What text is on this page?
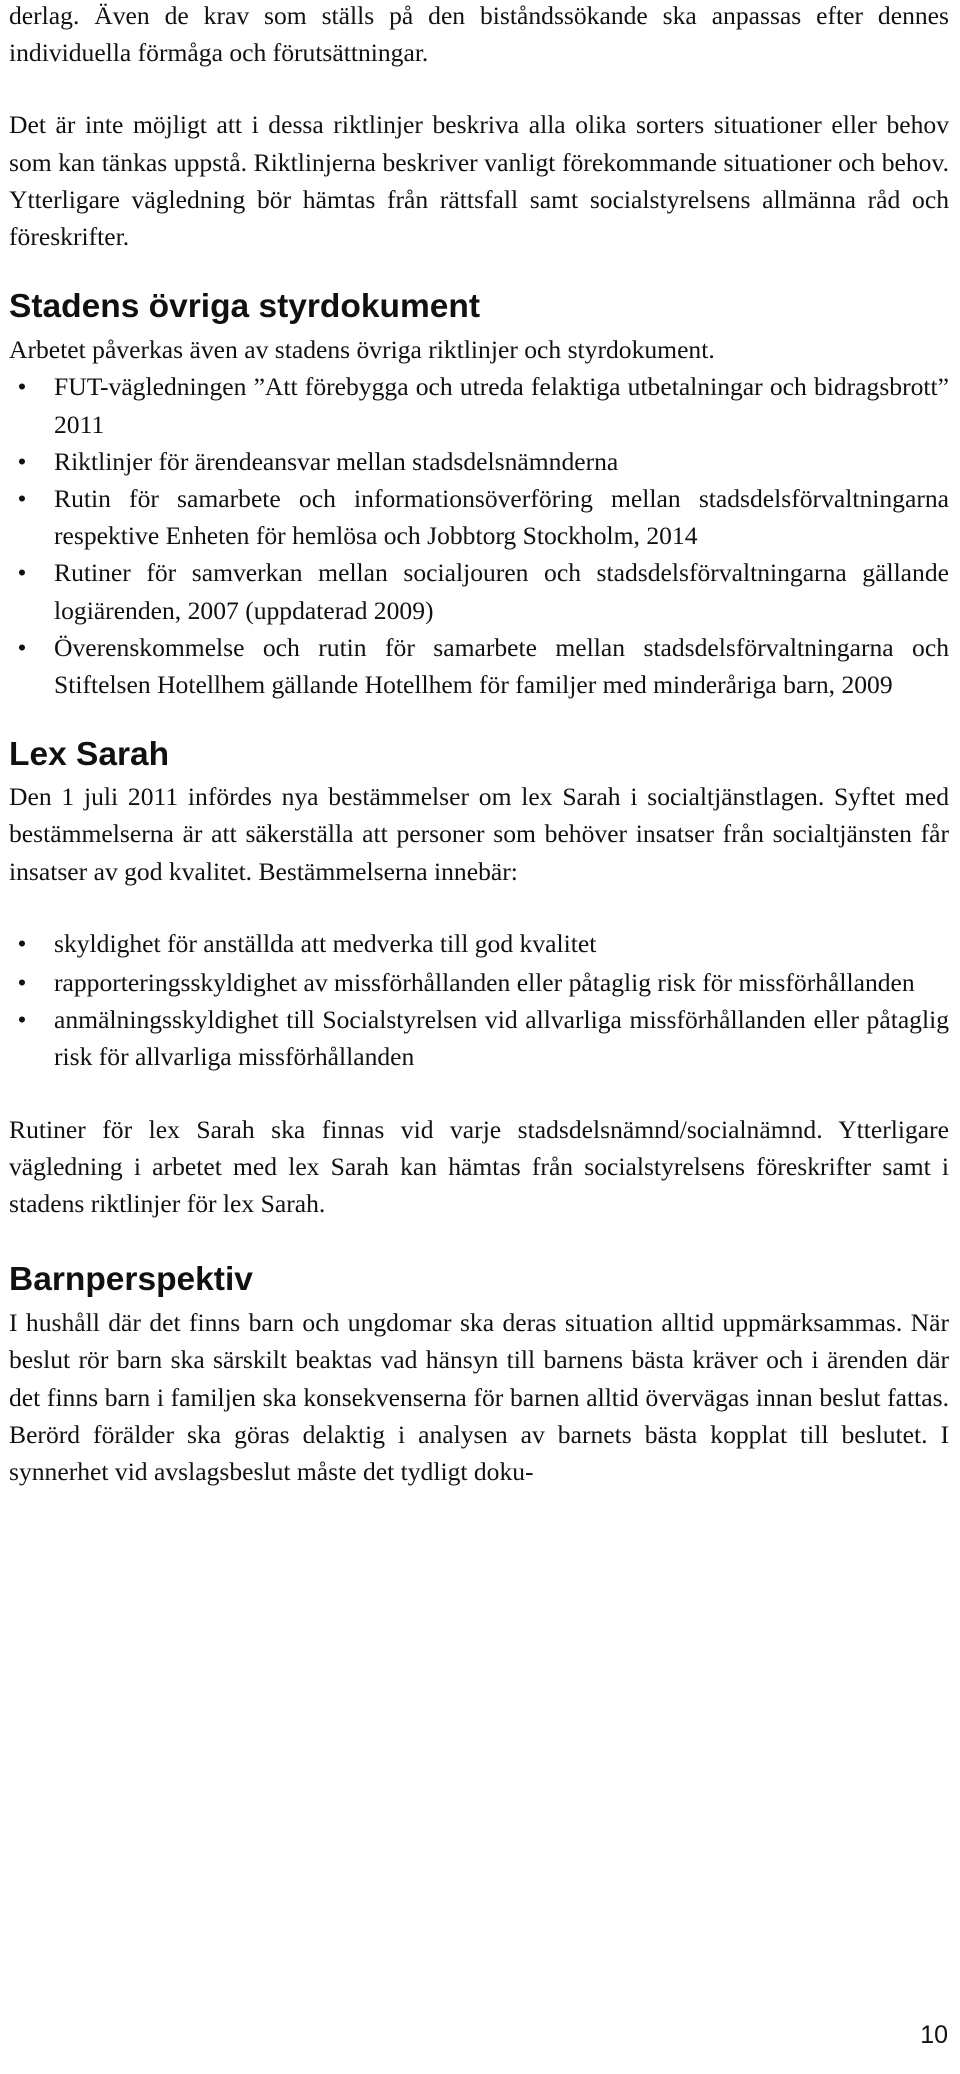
derlag. Även de krav som ställs på den biståndssökande ska anpassas efter dennes individuella förmåga och förutsättningar.

Det är inte möjligt att i dessa riktlinjer beskriva alla olika sorters situationer eller behov som kan tänkas uppstå. Riktlinjerna beskriver vanligt förekommande situationer och behov. Ytterligare vägledning bör hämtas från rättsfall samt socialstyrelsens allmänna råd och föreskrifter.

Stadens övriga styrdokument

Arbetet påverkas även av stadens övriga riktlinjer och styrdokument.

• FUT-vägledningen ”Att förebygga och utreda felaktiga utbetalningar och bidragsbrott” 2011
• Riktlinjer för ärendeansvar mellan stadsdelsnämnderna
• Rutin för samarbete och informationsöverföring mellan stadsdelsförvaltningarna respektive Enheten för hemlösa och Jobbtorg Stockholm, 2014
• Rutiner för samverkan mellan socialjouren och stadsdelsförvaltningarna gällande logiärenden, 2007 (uppdaterad 2009)
• Överenskommelse och rutin för samarbete mellan stadsdelsförvaltningarna och Stiftelsen Hotellhem gällande Hotellhem för familjer med minderåriga barn, 2009
Lex Sarah

Den 1 juli 2011 infördes nya bestämmelser om lex Sarah i socialtjänstlagen. Syftet med bestämmelserna är att säkerställa att personer som behöver insatser från socialtjänsten får insatser av god kvalitet. Bestämmelserna innebär:

• skyldighet för anställda att medverka till god kvalitet
• rapporteringsskyldighet av missförhållanden eller påtaglig risk för missförhållanden
• anmälningsskyldighet till Socialstyrelsen vid allvarliga missförhållanden eller påtaglig risk för allvarliga missförhållanden

Rutiner för lex Sarah ska finnas vid varje stadsdelsnämnd/socialnämnd. Ytterligare vägledning i arbetet med lex Sarah kan hämtas från socialstyrelsens föreskrifter samt i stadens riktlinjer för lex Sarah.

Barnperspektiv

I hushåll där det finns barn och ungdomar ska deras situation alltid uppmärksammas. När beslut rör barn ska särskilt beaktas vad hänsyn till barnens bästa kräver och i ärenden där det finns barn i familjen ska konsekvenserna för barnen alltid övervägas innan beslut fattas. Berörd förälder ska göras delaktig i analysen av barnets bästa kopplat till beslutet. I synnerhet vid avslagsbeslut måste det tydligt doku-

10
